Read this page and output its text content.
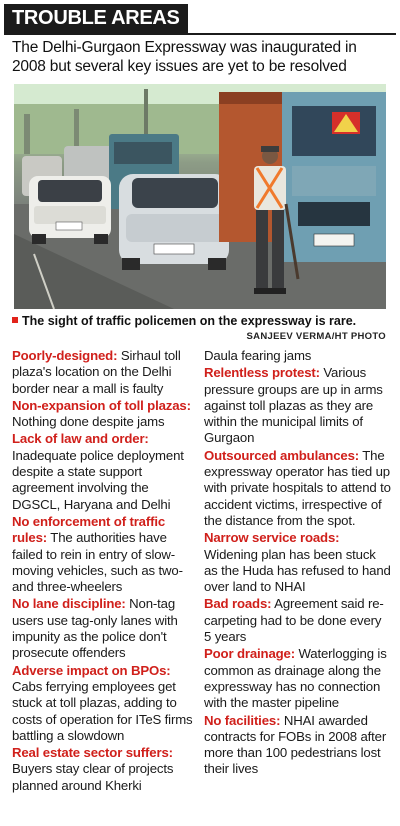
TROUBLE AREAS
The Delhi-Gurgaon Expressway was inaugurated in 2008 but several key issues are yet to be resolved
The sight of traffic policemen on the expressway is rare.
SANJEEV VERMA/HT PHOTO

Poorly-designed: Sirhaul toll plaza's location on the Delhi border near a mall is faulty

Non-expansion of toll plazas: Nothing done despite jams

Lack of law and order: Inadequate police deployment despite a state support agreement involving the DGSCL, Haryana and Delhi

No enforcement of traffic rules: The authorities have failed to rein in entry of slow-moving vehicles, such as two- and three-wheelers

No lane discipline: Non-tag users use tag-only lanes with impunity as the police don't prosecute offenders

Adverse impact on BPOs: Cabs ferrying employees get stuck at toll plazas, adding to costs of operation for ITeS firms battling a slowdown

Real estate sector suffers: Buyers stay clear of projects planned around Kherki

Daula fearing jams

Relentless protest: Various pressure groups are up in arms against toll plazas as they are within the municipal limits of Gurgaon

Outsourced ambulances: The expressway operator has tied up with private hospitals to attend to accident victims, irrespective of the distance from the spot.

Narrow service roads: Widening plan has been stuck as the Huda has refused to hand over land to NHAI

Bad roads: Agreement said re-carpeting had to be done every 5 years

Poor drainage: Waterlogging is common as drainage along the expressway has no connection with the master pipeline

No facilities: NHAI awarded contracts for FOBs in 2008 after more than 100 pedestrians lost their lives
